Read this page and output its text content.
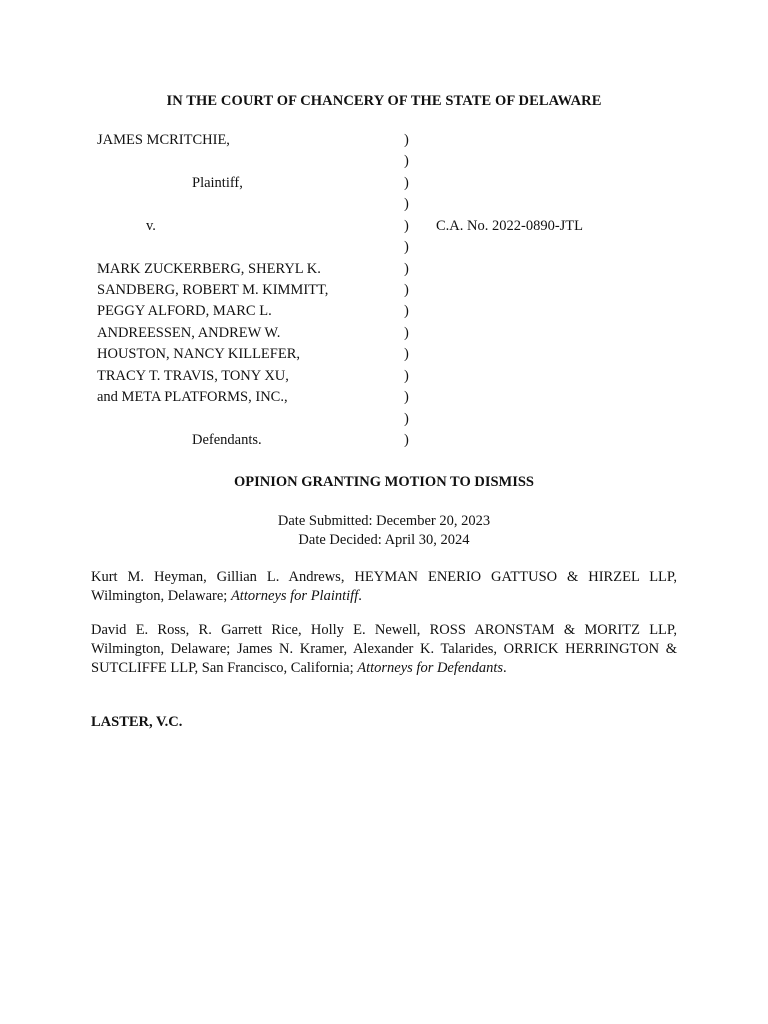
IN THE COURT OF CHANCERY OF THE STATE OF DELAWARE
JAMES MCRITCHIE,
Plaintiff,
v.
MARK ZUCKERBERG, SHERYL K.
SANDBERG, ROBERT M. KIMMITT,
PEGGY ALFORD, MARC L.
ANDREESSEN, ANDREW W.
HOUSTON, NANCY KILLEFER,
TRACY T. TRAVIS, TONY XU,
and META PLATFORMS, INC.,
Defendants.
)
)
)
)
)
)
)
)
)
)
)
)
)
)
)
C.A. No. 2022-0890-JTL
OPINION GRANTING MOTION TO DISMISS
Date Submitted: December 20, 2023
Date Decided: April 30, 2024
Kurt M. Heyman, Gillian L. Andrews, HEYMAN ENERIO GATTUSO & HIRZEL LLP, Wilmington, Delaware; Attorneys for Plaintiff.
David E. Ross, R. Garrett Rice, Holly E. Newell, ROSS ARONSTAM & MORITZ LLP, Wilmington, Delaware; James N. Kramer, Alexander K. Talarides, ORRICK HERRINGTON & SUTCLIFFE LLP, San Francisco, California; Attorneys for Defendants.
LASTER, V.C.
